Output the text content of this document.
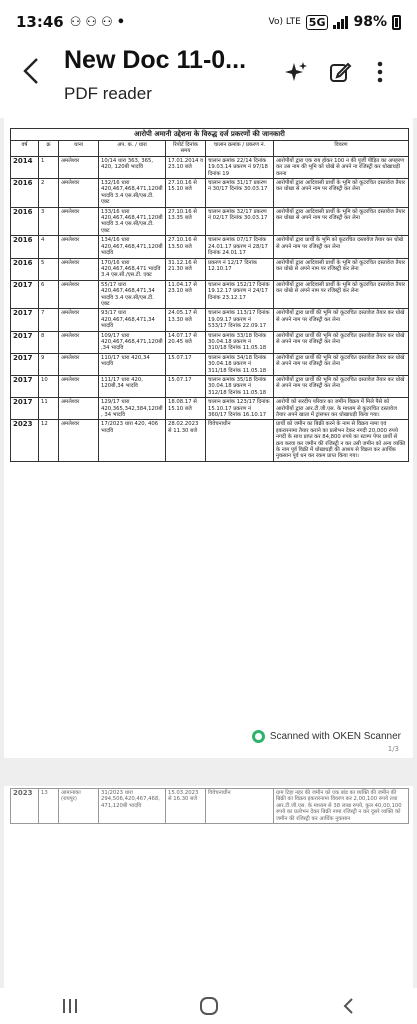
13:46 ⚇ ⚇ ⚇ •	Vo) LTE 5G 98%
New Doc 11-0...
PDF reader
आरोपी अमानी उद्देशना के विरुद्ध दर्ज प्रकरणों की जानकारी						
वर्ष	क्र	थाना	अप. क. / धारा	रिपोर्ट दिनांक समय	चालान क्रमांक / प्रकरण नं.	विवरण
2014	1	अमलेश्वर	10/14 धारा 363, 365, 420, 120बी भादवि	17.01.2014 व 23.10 बजे	चालान क्रमांक 22/14 दिनांक 19.03.14 प्रकरण नं 97/18 दिनांक 19	आरोपीयों द्वारा एक राय होकर 100 न की पूर्जी पीड़ित का अपहरण कर उस नाम की भूमि को धोखे से अपने ना रजिस्ट्री कर धोखाधड़ी करना
2016	2	अमलेश्वर	132/16 धारा 420,467,468,471,120बी भादवि 3.4 एस.सी/एस.टी. एक्ट	27.10.16 से 15.10 बजे	चालान क्रमांक 31/17 प्रकरण नं 30/17 दिनांक 30.03.17	आरोपीयों द्वारा आदिवासी प्रार्थी के भूमि को कूटरचित दस्तावेज तैयार कर धोखा से अपने नाम पर रजिस्ट्री कर लेना
2016	3	अमलेश्वर	133/16 धारा 420,467,468,471,120बी भादवि 3.4 एस.सी/एस.टी. एक्ट	27.10.16 से 13.35 बजे	चालान क्रमांक 32/17 प्रकरण नं 02/17 दिनांक 30.03.17	आरोपीयों द्वारा आदिवासी प्रार्थी के भूमि को कूटरचित दस्तावेज तैयार कर धोखा से अपने नाम पर रजिस्ट्री कर लेना
2016	4	अमलेश्वर	134/16 धारा 420,467,468,471,120बी भादवि	27.10.16 से 13.50 बजे	चालान क्रमांक 07/17 दिनांक 24.01.17 प्रकरण नं 28/17 दिनांक 24.01.17	आरोपीयों द्वारा प्रार्थी के भूमि को कूटरचित दस्तावेज तैयार कर धोखे से अपने नाम पर रजिस्ट्री कर लेना
2016	5	अमलेश्वर	170/16 धारा 420,467,468,471 भादवि 3.4 एस.सी./एस.टी. एक्ट	31.12.16 से 21.30 बजे	प्रकरण नं 12/17 दिनांक 12.10.17	आरोपीयों द्वारा आदिवासी प्रार्थी के भूमि को कूटरचित दस्तावेज तैयार कर धोखे से अपने नाम पर रजिस्ट्री कर लेना
2017	6	अमलेश्वर	55/17 धारा 420,467,468,471,34 भादवि 3.4 एस.सी/एस.टी. एक्ट	11.04.17 से 23.10 बजे	चालान क्रमांक 152/17 दिनांक 19.12.17 प्रकरण नं 24/17 दिनांक 23.12.17	आरोपीयों द्वारा आदिवासी प्रार्थी के भूमि को कूटरचित दस्तावेज तैयार कर धोखे से अपने नाम पर रजिस्ट्री कर लेना
2017	7	अमलेश्वर	93/17 धारा 420,467,468,471,34 भादवि	24.05.17 से 13.30 बजे	चालान क्रमांक 113/17 दिनांक 19.09.17 प्रकरण नं 533/17 दिनांक 22.09.17	आरोपीयों द्वारा प्रार्थी की भूमि को कूटरचित दस्तावेज तैयार कर धोखे से अपने नाम पर रजिस्ट्री कर लेना
2017	8	अमलेश्वर	109/17 धारा 420,467,468,471,120बी,34 भादवि	14.07.17 से 20.45 बजे	चालान क्रमांक 33/18 दिनांक 30.04.18 प्रकरण नं 310/18 दिनांक 11.05.18	आरोपीयों द्वारा प्रार्थी की भूमि को कूटरचित दस्तावेज तैयार कर धोखे से अपने नाम पर रजिस्ट्री कर लेना
2017	9	अमलेश्वर	110/17 धारा 420,34 भादवि	15.07.17	चालान क्रमांक 34/18 दिनांक 30.04.18 प्रकरण नं 311/18 दिनांक 11.05.18	आरोपीयों द्वारा प्रार्थी की भूमि को कूटरचित दस्तावेज तैयार कर धोखे से अपने नाम पर रजिस्ट्री कर लेना
2017	10	अमलेश्वर	111/17 धारा 420, 120बी,34 भादवि	15.07.17	चालान क्रमांक 35/18 दिनांक 30.04.18 प्रकरण नं 312/18 दिनांक 11.05.18	आरोपीयों द्वारा प्रार्थी की भूमि को कूटरचित दस्तावेज तैयार कर धोखे से अपने नाम पर रजिस्ट्री कर लेना
2017	11	अमलेश्वर	129/17 धारा 420,365,342,384,120बी, 34 भादवि	18.08.17 से 15.10 बजे	चालान क्रमांक 123/17 दिनांक 15.10.17 प्रकरण नं 360/17 दिनांक 16.10.17	आरोपी को सरदीप परिवार का जमीन विक्रय में मिले पैसे को आरोपीयों द्वारा आर.टी.जी.एस. के माध्यम से कूटरचित दस्तावेज तैयार अपने खाता में ट्रांसफर कर धोखाधड़ी किया गया।
2023	12	अमलेश्वर	17/2023 धारा 420, 406 भादवि	28.02.2023 से 11.30 बजे	विवेचनाधीन	प्रार्थी को जमीन का बिक्री करने के नाम से विक्रय नामा एवं इकरारनामा तैयार कराने का प्रलोभन देकर नगदी 20,000 रुपये नगदी के साथ प्राप्त कर 84,800 रुपये का स्टाम्प पेपर प्रार्थी से क्रय करवा कर जमीन की रजिस्ट्री न कर उसी जमीन को अन्य व्यक्ति के नाम पूर्व विक्री में धोखाधड़ी की आशय से विक्रय कर आर्थिक नुकसान पूर्व धन कर रकम प्राप्त किया गया।
Scanned with OKEN Scanner
1/3
2023	13	आमानाका (रायपुर)	31/2023 धारा 294,506,420,467,468,471,120बी भादवि	15.03.2023 से 16.30 बजे	विवेचनाधीन	ग्राम टिहा नहर की जमीन को एक बांड का व्यक्ति की जमीन की बिक्री का विक्रय इकरारनामा विवरण कर 2,00,100 रुपये तथा आर.टी.जी.एस. के माध्यम से 38 लाख रुपये, कुल 40,00,100 रुपये का प्रलोभन देकर बिक्री नामा रजिस्ट्री न कर दूसरे व्यक्ति को जमीन की रजिस्ट्री कर आर्थिक नुकसान
